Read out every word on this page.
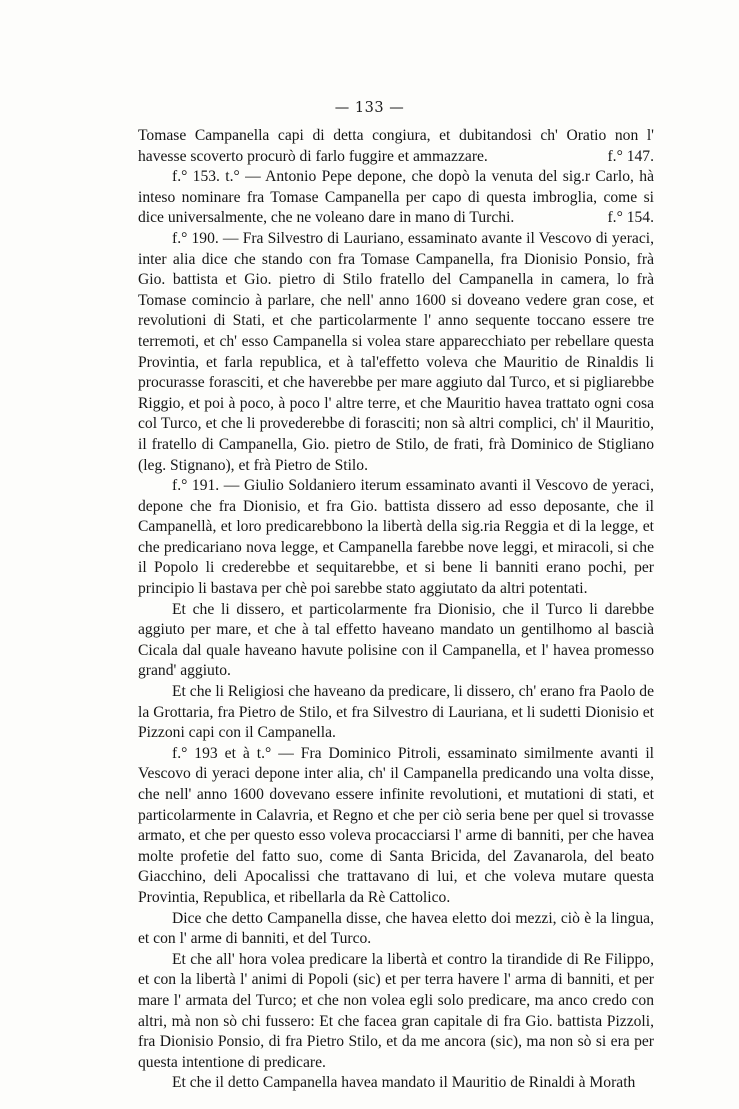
— 133 —

Tomase Campanella capi di detta congiura, et dubitandosi ch' Oratio non l' havesse scoverto procurò di farlo fuggire et ammazzare.	f.° 147.

f.° 153. t.° — Antonio Pepe depone, che dopò la venuta del sig.r Carlo, hà inteso nominare fra Tomase Campanella per capo di questa imbroglia, come si dice universalmente, che ne voleano dare in mano di Turchi.	f.° 154.

f.° 190. — Fra Silvestro di Lauriano, essaminato avante il Vescovo di yeraci, inter alia dice che stando con fra Tomase Campanella, fra Dionisio Ponsio, frà Gio. battista et Gio. pietro di Stilo fratello del Campanella in camera, lo frà Tomase comincio à parlare, che nell' anno 1600 si doveano vedere gran cose, et revolutioni di Stati, et che particolarmente l' anno sequente toccano essere tre terremoti, et ch' esso Campanella si volea stare apparecchiato per rebellare questa Provintia, et farla republica, et à tal'effetto voleva che Mauritio de Rinaldis li procurasse forasciti, et che haverebbe per mare aggiuto dal Turco, et si pigliarebbe Riggio, et poi à poco, à poco l' altre terre, et che Mauritio havea trattato ogni cosa col Turco, et che li provederebbe di forasciti; non sà altri complici, ch' il Mauritio, il fratello di Campanella, Gio. pietro de Stilo, de frati, frà Dominico de Stigliano (leg. Stignano), et frà Pietro de Stilo.

f.° 191. — Giulio Soldaniero iterum essaminato avanti il Vescovo de yeraci, depone che fra Dionisio, et fra Gio. battista dissero ad esso deposante, che il Campanellà, et loro predicarebbono la libertà della sig.ria Reggia et di la legge, et che predicariano nova legge, et Campanella farebbe nove leggi, et miracoli, si che il Popolo li crederebbe et sequitarebbe, et si bene li banniti erano pochi, per principio li bastava per chè poi sarebbe stato aggiutato da altri potentati.

Et che li dissero, et particolarmente fra Dionisio, che il Turco li darebbe aggiuto per mare, et che à tal effetto haveano mandato un gentilhomo al bascià Cicala dal quale haveano havute polisine con il Campanella, et l' havea promesso grand' aggiuto.

Et che li Religiosi che haveano da predicare, li dissero, ch' erano fra Paolo de la Grottaria, fra Pietro de Stilo, et fra Silvestro di Lauriana, et li sudetti Dionisio et Pizzoni capi con il Campanella.

f.° 193 et à t.° — Fra Dominico Pitroli, essaminato similmente avanti il Vescovo di yeraci depone inter alia, ch' il Campanella predicando una volta disse, che nell' anno 1600 dovevano essere infinite revolutioni, et mutationi di stati, et particolarmente in Calavria, et Regno et che per ciò seria bene per quel si trovasse armato, et che per questo esso voleva procacciarsi l' arme di banniti, per che havea molte profetie del fatto suo, come di Santa Bricida, del Zavanarola, del beato Giacchino, deli Apocalissi che trattavano di lui, et che voleva mutare questa Provintia, Republica, et ribellarla da Rè Cattolico.

Dice che detto Campanella disse, che havea eletto doi mezzi, ciò è la lingua, et con l' arme di banniti, et del Turco.

Et che all' hora volea predicare la libertà et contro la tirandide di Re Filippo, et con la libertà l' animi di Popoli (sic) et per terra havere l' arma di banniti, et per mare l' armata del Turco; et che non volea egli solo predicare, ma anco credo con altri, mà non sò chi fussero: Et che facea gran capitale di fra Gio. battista Pizzoli, fra Dionisio Ponsio, di fra Pietro Stilo, et da me ancora (sic), ma non sò si era per questa intentione di predicare.

Et che il detto Campanella havea mandato il Mauritio de Rinaldi à Morath
